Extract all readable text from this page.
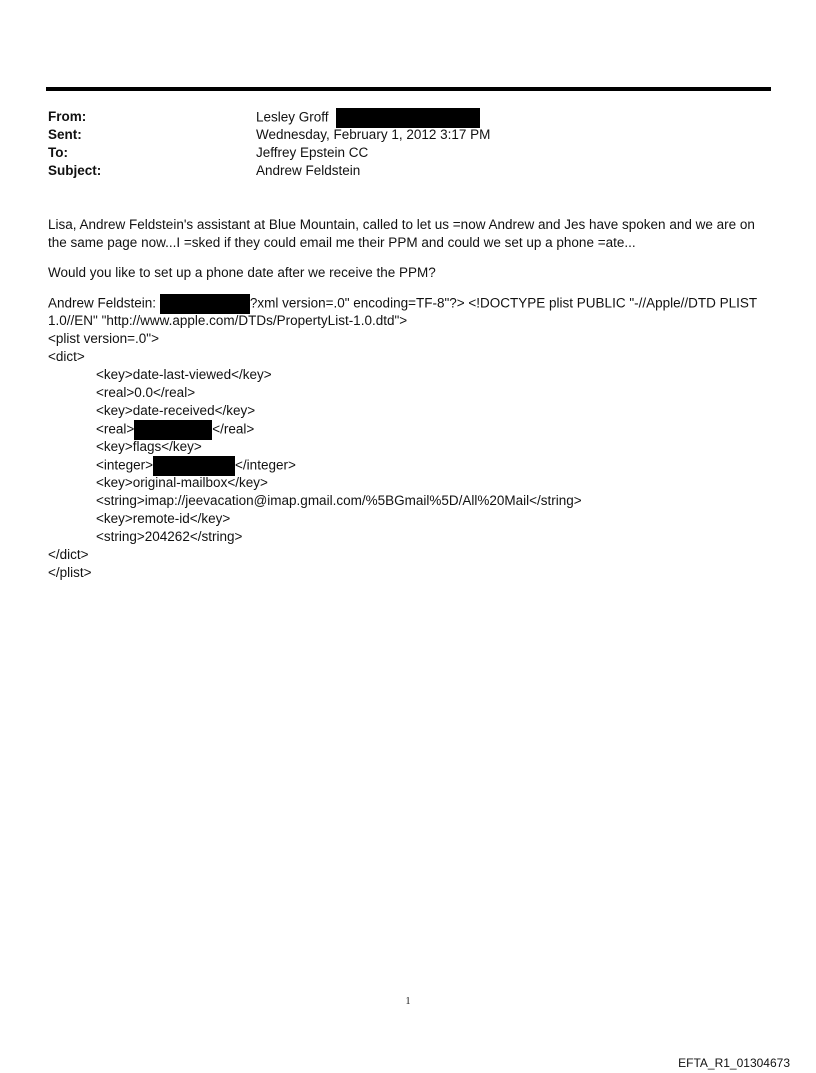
From:	Lesley Groff
Sent:	Wednesday, February 1, 2012 3:17 PM
To:	Jeffrey Epstein CC
Subject:	Andrew Feldstein
Lisa, Andrew Feldstein's assistant at Blue Mountain, called to let us =now Andrew and Jes have spoken and we are on
the same page now...I =sked if they could email me their PPM and could we set up a phone =ate...
Would you like to set up a phone date after we receive the PPM?
Andrew Feldstein:	?xml version=.0" encoding=TF-8"?> <!DOCTYPE plist PUBLIC "-//Apple//DTD PLIST
1.0//EN" "http://www.apple.com/DTDs/PropertyList-1.0.dtd">
<plist version=.0">
<dict>
<key>date-last-viewed</key>
<real>0.0</real>
<key>date-received</key>
<real>	</real>
<key>flags</key>
<integer>	</integer>
<key>original-mailbox</key>
<string>imap://jeevacation@imap.gmail.com/%5BGmail%5D/All%20Mail</string>
<key>remote-id</key>
<string>204262</string>
</dict>
</plist>
1
EFTA_R1_01304673
